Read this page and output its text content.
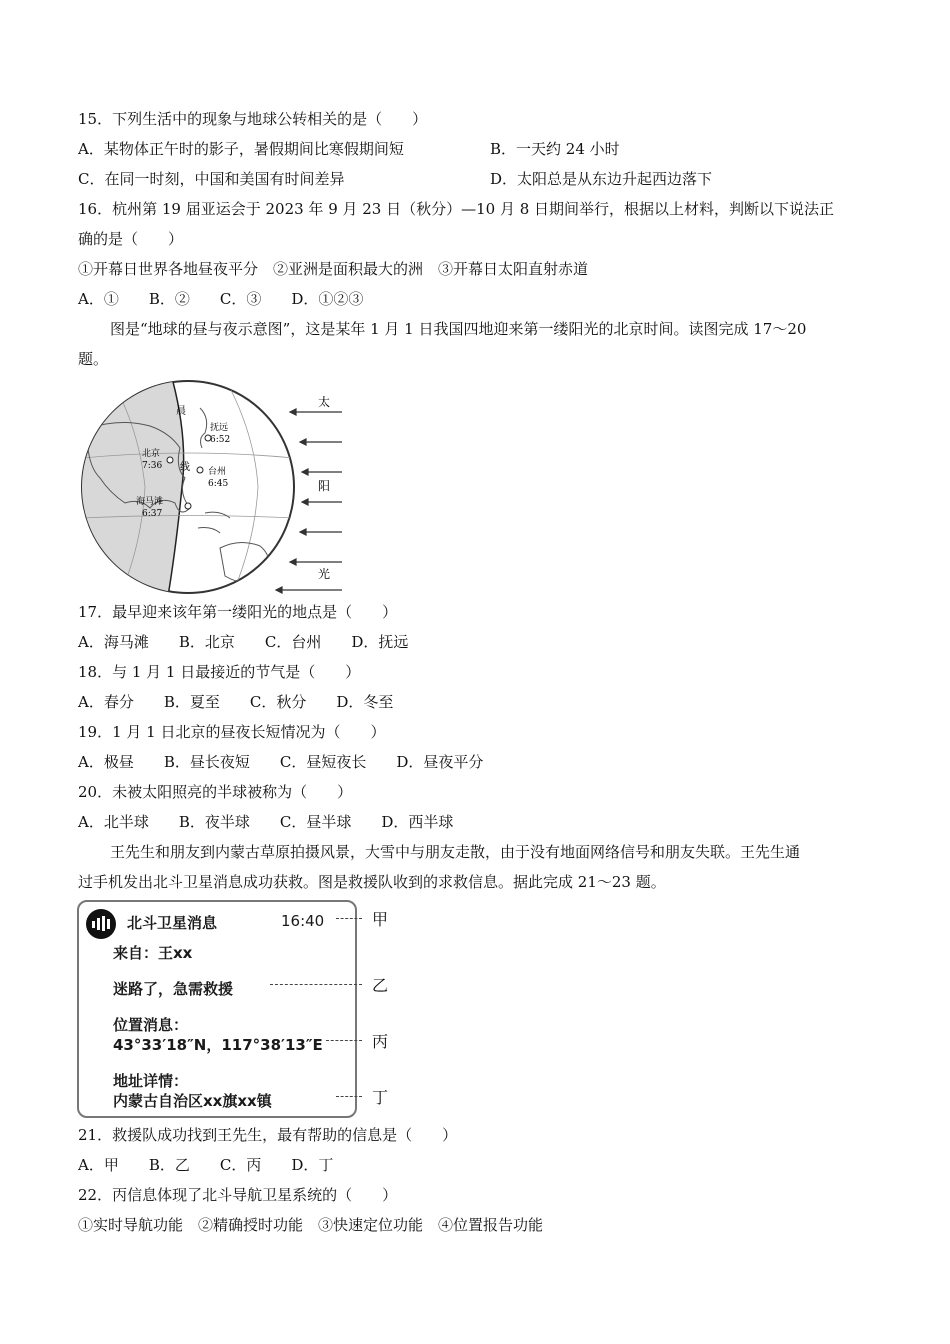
15．下列生活中的现象与地球公转相关的是（　　）
A．某物体正午时的影子，暑假期间比寒假期间短	B．一天约 24 小时
C．在同一时刻，中国和美国有时间差异	D．太阳总是从东边升起西边落下
16．杭州第 19 届亚运会于 2023 年 9 月 23 日（秋分）—10 月 8 日期间举行，根据以上材料，判断以下说法正
确的是（　　）
①开幕日世界各地昼夜平分　②亚洲是面积最大的洲　③开幕日太阳直射赤道
A．①　　B．②　　C．③　　D．①②③
图是“地球的昼与夜示意图”，这是某年 1 月 1 日我国四地迎来第一缕阳光的北京时间。读图完成 17～20
题。
晨
抚远
6:52
北京
7:36
台州
6:45
海马滩
6:37
线
太
阳
光
17．最早迎来该年第一缕阳光的地点是（　　）
A．海马滩　　B．北京　　C．台州　　D．抚远
18．与 1 月 1 日最接近的节气是（　　）
A．春分　　B．夏至　　C．秋分　　D．冬至
19．1 月 1 日北京的昼夜长短情况为（　　）
A．极昼　　B．昼长夜短　　C．昼短夜长　　D．昼夜平分
20．未被太阳照亮的半球被称为（　　）
A．北半球　　B．夜半球　　C．昼半球　　D．西半球
王先生和朋友到内蒙古草原拍摄风景，大雪中与朋友走散，由于没有地面网络信号和朋友失联。王先生通
过手机发出北斗卫星消息成功获救。图是救援队收到的求救信息。据此完成 21～23 题。
北斗卫星消息	16:40
来自：王xx
迷路了，急需救援
位置消息：
43°33′18″N，117°38′13″E
地址详情：
内蒙古自治区xx旗xx镇
甲
乙
丙
丁
21．救援队成功找到王先生，最有帮助的信息是（　　）
A．甲　　B．乙　　C．丙　　D．丁
22．丙信息体现了北斗导航卫星系统的（　　）
①实时导航功能　②精确授时功能　③快速定位功能　④位置报告功能
